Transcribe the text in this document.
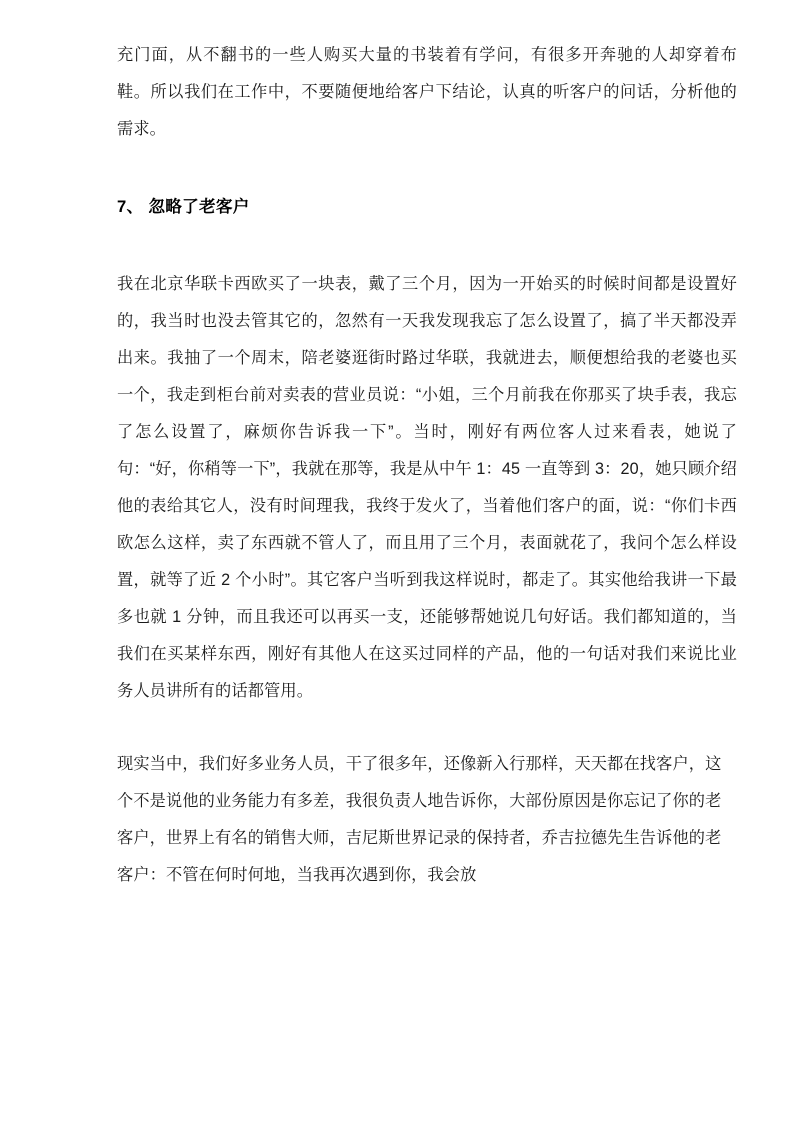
充门面，从不翻书的一些人购买大量的书装着有学问，有很多开奔驰的人却穿着布鞋。所以我们在工作中，不要随便地给客户下结论，认真的听客户的问话，分析他的需求。

7、 忽略了老客户

我在北京华联卡西欧买了一块表，戴了三个月，因为一开始买的时候时间都是设置好的，我当时也没去管其它的，忽然有一天我发现我忘了怎么设置了，搞了半天都没弄出来。我抽了一个周末，陪老婆逛街时路过华联，我就进去，顺便想给我的老婆也买一个，我走到柜台前对卖表的营业员说：“小姐，三个月前我在你那买了块手表，我忘了怎么设置了，麻烦你告诉我一下”。当时，刚好有两位客人过来看表，她说了句：“好，你稍等一下”，我就在那等，我是从中午 1：45 一直等到 3：20，她只顾介绍他的表给其它人，没有时间理我，我终于发火了，当着他们客户的面，说：“你们卡西欧怎么这样，卖了东西就不管人了，而且用了三个月，表面就花了，我问个怎么样设置，就等了近 2 个小时”。其它客户当听到我这样说时，都走了。其实他给我讲一下最多也就 1 分钟，而且我还可以再买一支，还能够帮她说几句好话。我们都知道的，当我们在买某样东西，刚好有其他人在这买过同样的产品，他的一句话对我们来说比业务人员讲所有的话都管用。

现实当中，我们好多业务人员，干了很多年，还像新入行那样，天天都在找客户，这个不是说他的业务能力有多差，我很负责人地告诉你，大部份原因是你忘记了你的老客户，世界上有名的销售大师，吉尼斯世界记录的保持者，乔吉拉德先生告诉他的老客户：不管在何时何地，当我再次遇到你，我会放
